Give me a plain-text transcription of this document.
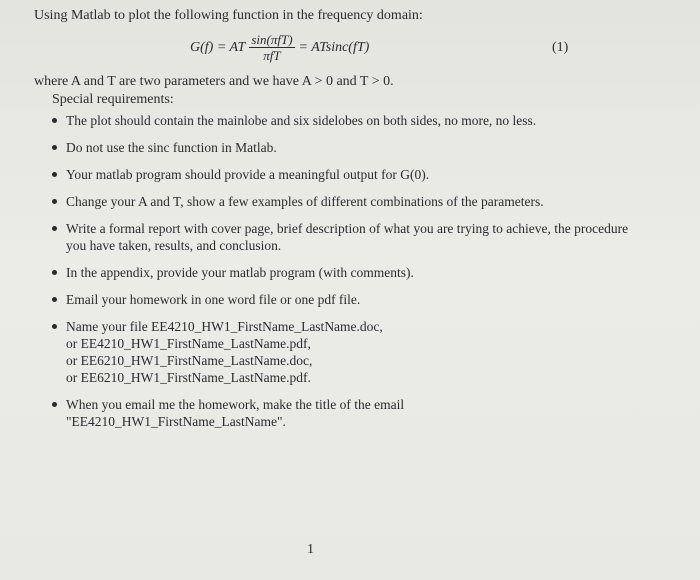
Using Matlab to plot the following function in the frequency domain:
G(f) = AT $\frac{\text{sin(πfT)}}{\text{πfT}} = ATsinc(fT)$	(1)
where A and T are two parameters and we have A > 0 and T > 0.
Special requirements:
The plot should contain the mainlobe and six sidelobes on both sides, no more, no less.
Do not use the sinc function in Matlab.
Your matlab program should provide a meaningful output for G(0).
Change your A and T, show a few examples of different combinations of the parameters.
Write a formal report with cover page, brief description of what you are trying to achieve, the procedure you have taken, results, and conclusion.
In the appendix, provide your matlab program (with comments).
Email your homework in one word file or one pdf file.
Name your file EE4210_HW1_FirstName_LastName.doc,
or EE4210_HW1_FirstName_LastName.pdf,
or EE6210_HW1_FirstName_LastName.doc,
or EE6210_HW1_FirstName_LastName.pdf.
When you email me the homework, make the title of the email
"EE4210_HW1_FirstName_LastName".
1
